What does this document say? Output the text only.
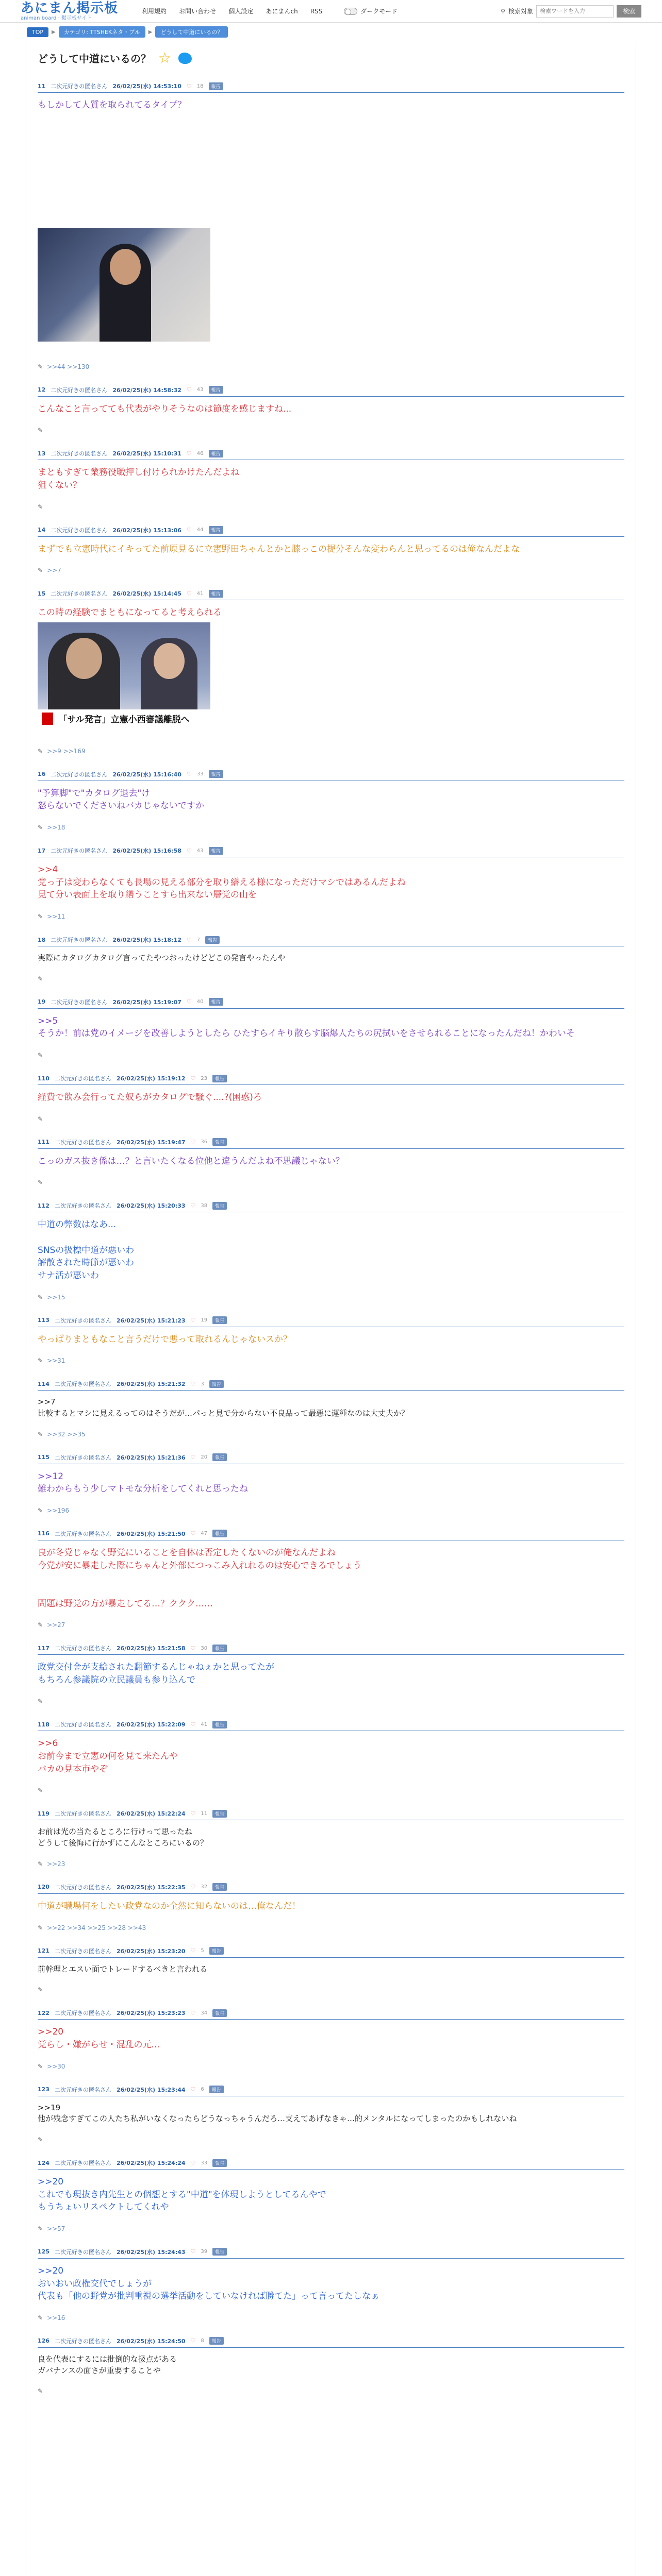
あにまん掲示板
animan board · 掲示板サイト
利用規約 お問い合わせ 個人設定 あにまんch RSS	ダークモード	⚲ 検索対象
検索ワードを入力	検索
TOP	▶	カテゴリ: TTSHEKネタ・ブル	▶	どうして中道にいるの？
どうして中道にいるの？ ☆
11 二次元好きの匿名さん 26/02/25(水) 14:53:10 ♡ 18	報告
もしかして人質を取られてるタイプ？
✎ >>44 >>130
12 二次元好きの匿名さん 26/02/25(水) 14:58:32 ♡ 43	報告
こんなこと言ってても代表がやりそうなのは節度を感じますね...
✎
13 二次元好きの匿名さん 26/02/25(水) 15:10:31 ♡ 46	報告
まともすぎて業務役職押し付けられかけたんだよね
狙くない？
✎
14 二次元好きの匿名さん 26/02/25(水) 15:13:06 ♡ 44	報告
まずでも立憲時代にイキってた前原見るに立憲野田ちゃんとかと膝っこの提分そんな変わらんと思ってるのは俺なんだよな
✎ >>7
15 二次元好きの匿名さん 26/02/25(水) 15:14:45 ♡ 41	報告
この時の経験でまともになってると考えられる
「サル発言」立憲小西審議離脱へ
✎ >>9 >>169
16 二次元好きの匿名さん 26/02/25(水) 15:16:40 ♡ 33	報告
"予算脚"で"カタログ退去"け
怒らないでくださいねバカじゃないですか
✎ >>18
17 二次元好きの匿名さん 26/02/25(水) 15:16:58 ♡ 43	報告
>>4
党っ子は変わらなくても長場の見える部分を取り繕える様になっただけマシではあるんだよね
見て分い表面上を取り繕うことすら出来ない層党の山を
✎ >>11
18 二次元好きの匿名さん 26/02/25(水) 15:18:12 ♡ 7	報告
実際にカタログカタログ言ってたやつおったけどどこの発言やったんや
✎
19 二次元好きの匿名さん 26/02/25(水) 15:19:07 ♡ 40	報告
>>5
そうか！前は党のイメージを改善しようとしたら ひたすらイキり散らす脳爆人たちの尻拭いをさせられることになったんだね！かわいそ
✎
110 二次元好きの匿名さん 26/02/25(水) 15:19:12 ♡ 23	報告
経費で飲み会行ってた奴らがカタログで騒ぐ....?(困惑)ろ
✎
111 二次元好きの匿名さん 26/02/25(水) 15:19:47 ♡ 36	報告
こっのガス抜き係は…？と言いたくなる位他と違うんだよね不思議じゃない？
✎
112 二次元好きの匿名さん 26/02/25(水) 15:20:33 ♡ 38	報告
中道の弊数はなあ...

SNSの扱標中道が悪いわ
解散された時節が悪いわ
サナ活が悪いわ
✎ >>15
113 二次元好きの匿名さん 26/02/25(水) 15:21:23 ♡ 19	報告
やっぱりまともなこと言うだけで悪って取れるんじゃないスか？
✎ >>31
114 二次元好きの匿名さん 26/02/25(水) 15:21:32 ♡ 3	報告
>>7
比較するとマシに見えるってのはそうだが…パっと見で分からない不良品って最悪に運種なのは大丈夫か？
✎ >>32 >>35
115 二次元好きの匿名さん 26/02/25(水) 15:21:36 ♡ 20	報告
>>12
難わからもう少しマトモな分析をしてくれと思ったね
✎ >>196
116 二次元好きの匿名さん 26/02/25(水) 15:21:50 ♡ 47	報告
良が冬党じゃなく野党にいることを自体は否定したくないのが俺なんだよね
今党が安に暴走した際にちゃんと外部につっこみ入れれるのは安心できるでしょう

問題は野党の方が暴走してる…？ククク……
✎ >>27
117 二次元好きの匿名さん 26/02/25(水) 15:21:58 ♡ 30	報告
政党交付金が支給された翻節するんじゃねぇかと思ってたが
もちろん参議院の立民議員も参り込んで
✎
118 二次元好きの匿名さん 26/02/25(水) 15:22:09 ♡ 41	報告
>>6
お前今まで立憲の何を見て来たんや
バカの見本市やぞ
✎
119 二次元好きの匿名さん 26/02/25(水) 15:22:24 ♡ 11	報告
お前は光の当たるところに行けって思ったね
どうして後悔に行かずにこんなところにいるの？
✎ >>23
120 二次元好きの匿名さん 26/02/25(水) 15:22:35 ♡ 32	報告
中道が職場何をしたい政党なのか全然に知らないのは…俺なんだ！
✎ >>22 >>34 >>25 >>28 >>43
121 二次元好きの匿名さん 26/02/25(水) 15:23:20 ♡ 5	報告
前幹理とエスい面でトレードするべきと言われる
✎
122 二次元好きの匿名さん 26/02/25(水) 15:23:23 ♡ 34	報告
>>20
党らし・嫌がらせ・混乱の元...
✎ >>30
123 二次元好きの匿名さん 26/02/25(水) 15:23:44 ♡ 6	報告
>>19
他が残念すぎてこの人たち私がいなくなったらどうなっちゃうんだろ…支えてあげなきゃ…的メンタルになってしまったのかもしれないね
✎
124 二次元好きの匿名さん 26/02/25(水) 15:24:24 ♡ 33	報告
>>20
これでも現抜き内先生との個想とする"中道"を体現しようとしてるんやで
もうちょいリスペクトしてくれや
✎ >>57
125 二次元好きの匿名さん 26/02/25(水) 15:24:43 ♡ 39	報告
>>20
おいおい政権交代でしょうが
代表も「他の野党が批判重視の選挙活動をしていなければ勝てた」って言ってたしなぁ
✎ >>16
126 二次元好きの匿名さん 26/02/25(水) 15:24:50 ♡ 8	報告
良を代表にするには批倒的な扱点がある
ガバナンスの面さが重要することや
✎
